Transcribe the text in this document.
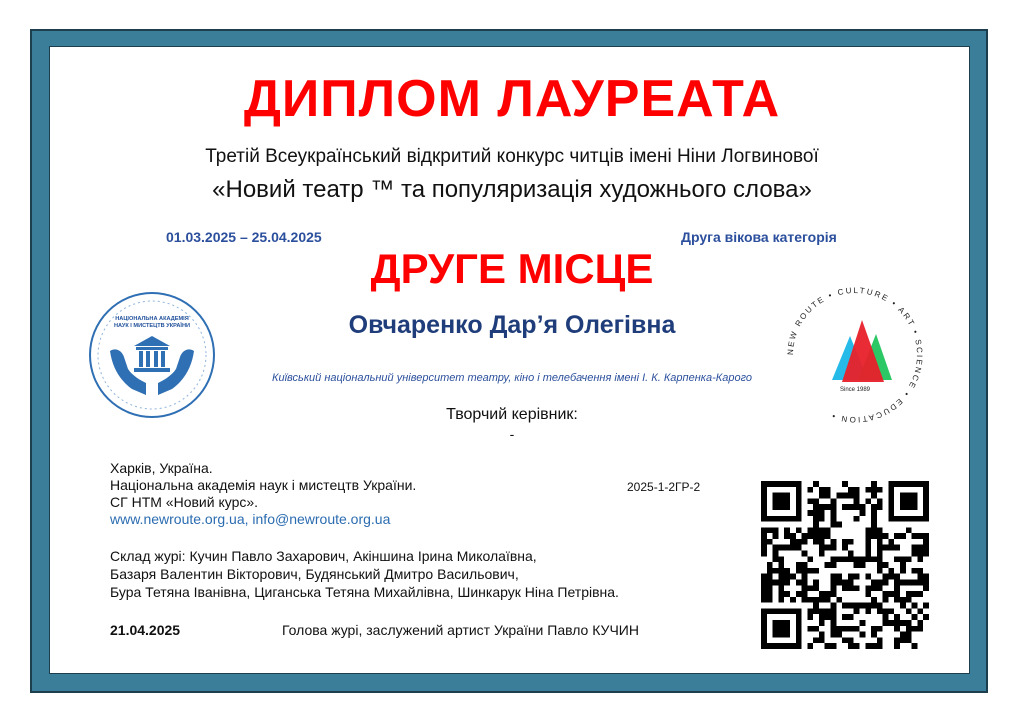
ДИПЛОМ ЛАУРЕАТА
Третій Всеукраїнський відкритий конкурс читців імені Ніни Логвинової
«Новий театр ™ та популяризація художнього слова»
01.03.2025 – 25.04.2025	Друга вікова категорія
ДРУГЕ МІСЦЕ
Овчаренко Дар’я Олегівна
Київський національний університет театру, кіно і телебачення імені І. К. Карпенка-Карого
Творчий керівник:
-
Харків, Україна.
Національна академія наук і мистецтв України.
СГ НТМ «Новий курс».
www.newroute.org.ua, info@newroute.org.ua
2025-1-2ГР-2
Склад журі: Кучин Павло Захарович, Акіншина Ірина Миколаївна,
Базаря Валентин Вікторович, Будянський Дмитро Васильович,
Бура Тетяна Іванівна, Циганська Тетяна Михайлівна, Шинкарук Ніна Петрівна.
21.04.2025	Голова журі, заслужений артист України Павло КУЧИН
НАЦІОНАЛЬНА АКАДЕМІЯ
НАУК І МИСТЕЦТВ УКРАЇНИ
NEW ROUTE • CULTURE • ART • SCIENCE • EDUCATION •
Since 1989
